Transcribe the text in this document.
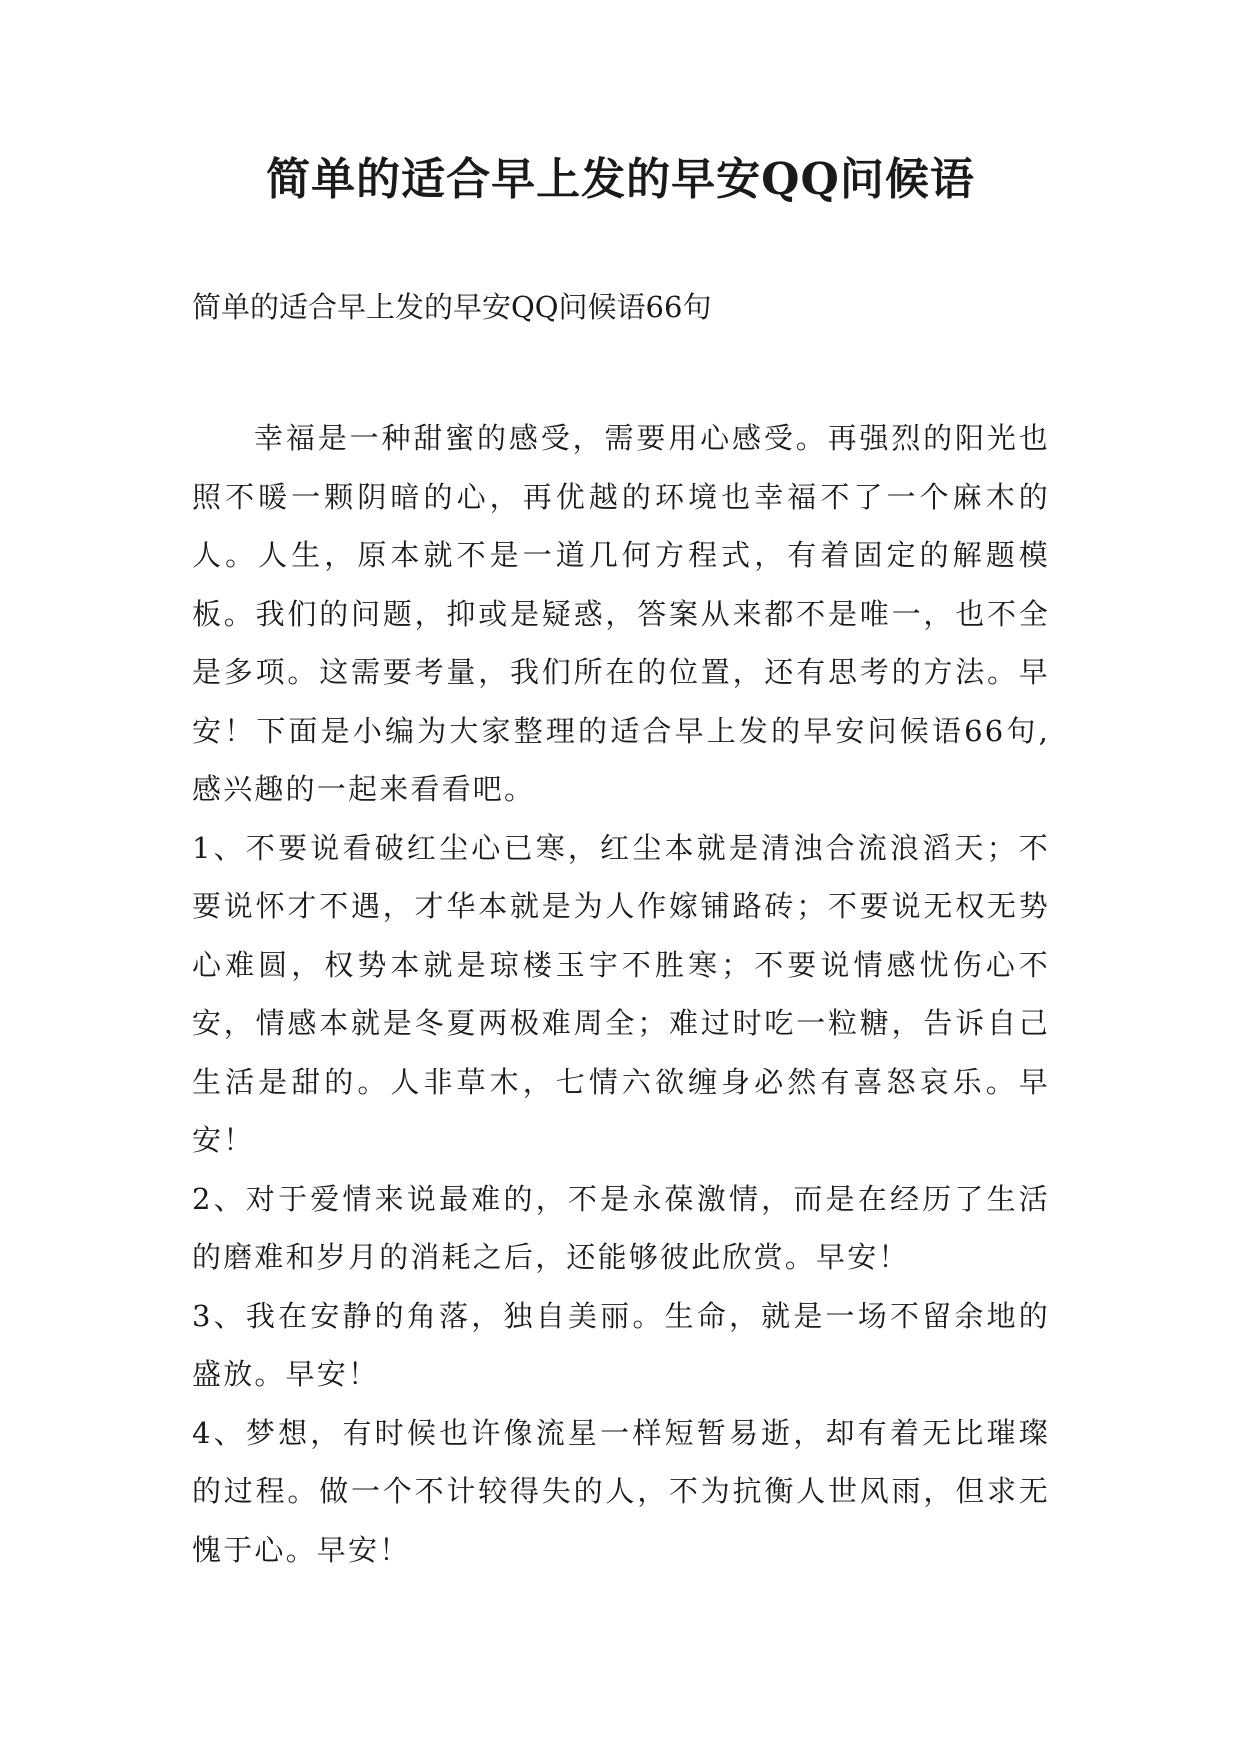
简单的适合早上发的早安QQ问候语

简单的适合早上发的早安QQ问候语66句

幸福是一种甜蜜的感受，需要用心感受。再强烈的阳光也照不暖一颗阴暗的心，再优越的环境也幸福不了一个麻木的人。人生，原本就不是一道几何方程式，有着固定的解题模板。我们的问题，抑或是疑惑，答案从来都不是唯一，也不全是多项。这需要考量，我们所在的位置，还有思考的方法。早安！下面是小编为大家整理的适合早上发的早安问候语66句,感兴趣的一起来看看吧。

1、不要说看破红尘心已寒，红尘本就是清浊合流浪滔天；不要说怀才不遇，才华本就是为人作嫁铺路砖；不要说无权无势心难圆，权势本就是琼楼玉宇不胜寒；不要说情感忧伤心不安，情感本就是冬夏两极难周全；难过时吃一粒糖，告诉自己生活是甜的。人非草木，七情六欲缠身必然有喜怒哀乐。早安！

2、对于爱情来说最难的，不是永葆激情，而是在经历了生活的磨难和岁月的消耗之后，还能够彼此欣赏。早安！

3、我在安静的角落，独自美丽。生命，就是一场不留余地的盛放。早安！

4、梦想，有时候也许像流星一样短暂易逝，却有着无比璀璨的过程。做一个不计较得失的人，不为抗衡人世风雨，但求无愧于心。早安！
